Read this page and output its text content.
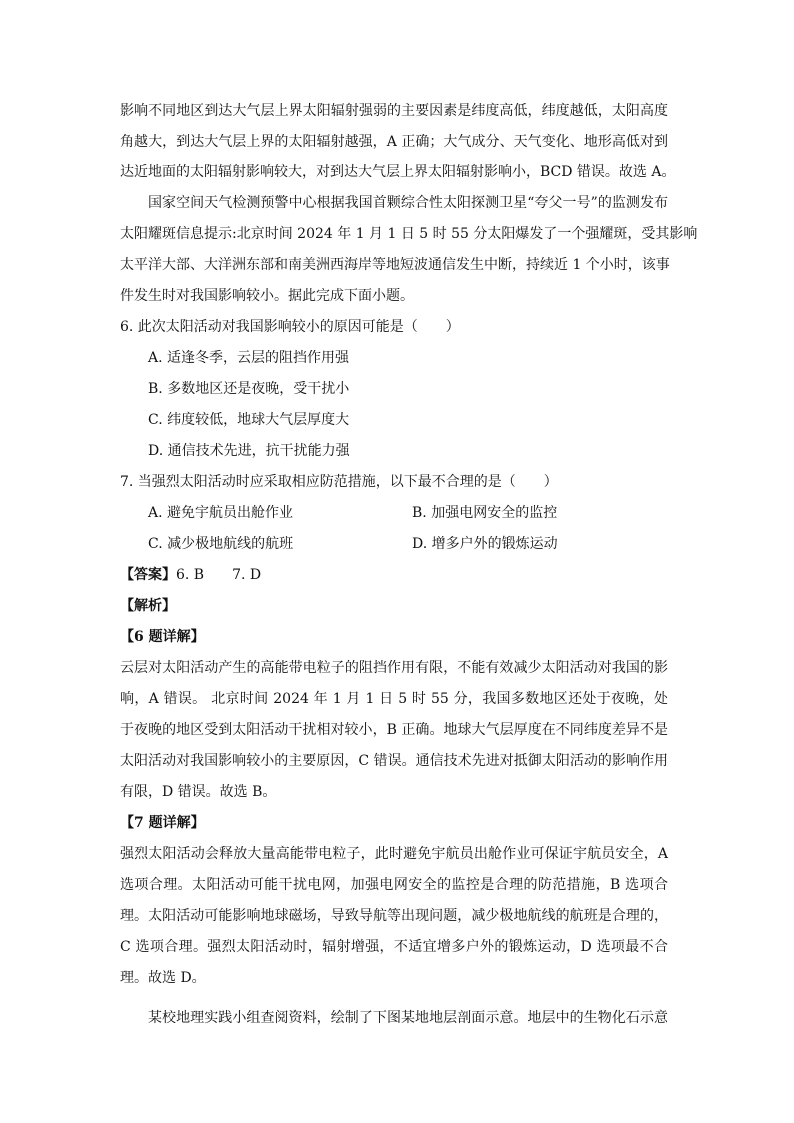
影响不同地区到达大气层上界太阳辐射强弱的主要因素是纬度高低，纬度越低，太阳高度
角越大，到达大气层上界的太阳辐射越强，A 正确；大气成分、天气变化、地形高低对到
达近地面的太阳辐射影响较大，对到达大气层上界太阳辐射影响小，BCD 错误。故选 A。
国家空间天气检测预警中心根据我国首颗综合性太阳探测卫星“夸父一号”的监测发布
太阳耀斑信息提示:北京时间 2024 年 1 月 1 日 5 时 55 分太阳爆发了一个强耀斑，受其影响
太平洋大部、大洋洲东部和南美洲西海岸等地短波通信发生中断，持续近 1 个小时，该事
件发生时对我国影响较小。据此完成下面小题。
6. 此次太阳活动对我国影响较小的原因可能是（　　）
A. 适逢冬季，云层的阻挡作用强
B. 多数地区还是夜晚，受干扰小
C. 纬度较低，地球大气层厚度大
D. 通信技术先进，抗干扰能力强
7. 当强烈太阳活动时应采取相应防范措施，以下最不合理的是（　　）
A. 避免宇航员出舱作业	B. 加强电网安全的监控
C. 减少极地航线的航班	D. 增多户外的锻炼运动
【答案】6. B　　7. D
【解析】
【6 题详解】
云层对太阳活动产生的高能带电粒子的阻挡作用有限，不能有效减少太阳活动对我国的影
响，A 错误。 北京时间 2024 年 1 月 1 日 5 时 55 分，我国多数地区还处于夜晚，处
于夜晚的地区受到太阳活动干扰相对较小，B 正确。地球大气层厚度在不同纬度差异不是
太阳活动对我国影响较小的主要原因，C 错误。通信技术先进对抵御太阳活动的影响作用
有限，D 错误。故选 B。
【7 题详解】
强烈太阳活动会释放大量高能带电粒子，此时避免宇航员出舱作业可保证宇航员安全，A
选项合理。太阳活动可能干扰电网，加强电网安全的监控是合理的防范措施，B 选项合
理。太阳活动可能影响地球磁场，导致导航等出现问题，减少极地航线的航班是合理的，
C 选项合理。强烈太阳活动时，辐射增强，不适宜增多户外的锻炼运动，D 选项最不合
理。故选 D。
某校地理实践小组查阅资料，绘制了下图某地地层剖面示意。地层中的生物化石示意
